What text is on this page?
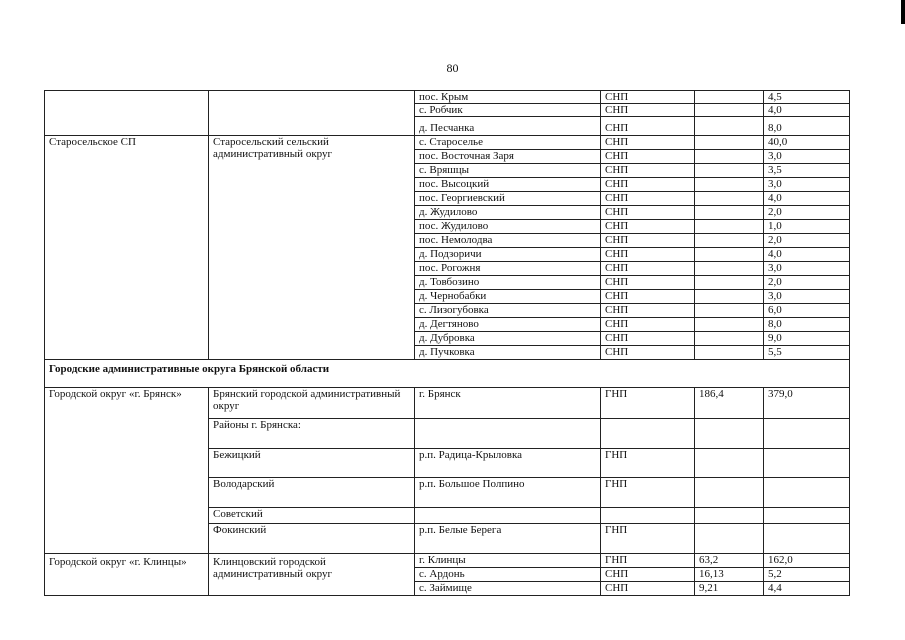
80
		пос. Крым	СНП		4,5
		с. Робчик	СНП		4,0
		д. Песчанка	СНП		8,0
Старосельское СП	Старосельский сельский административный округ	с. Староселье	СНП		40,0
		пос. Восточная Заря	СНП		3,0
		с. Вряшцы	СНП		3,5
		пос. Высоцкий	СНП		3,0
		пос. Георгиевский	СНП		4,0
		д. Жудилово	СНП		2,0
		пос. Жудилово	СНП		1,0
		пос. Немолодва	СНП		2,0
		д. Подзоричи	СНП		4,0
		пос. Рогожня	СНП		3,0
		д. Товбозино	СНП		2,0
		д. Чернобабки	СНП		3,0
		с. Лизогубовка	СНП		6,0
		д. Дегтяново	СНП		8,0
		д. Дубровка	СНП		9,0
		д. Пучковка	СНП		5,5
Городские административные округа Брянской области					
Городской округ «г. Брянск»	Брянский городской административный округ	г. Брянск	ГНП	186,4	379,0
	Районы г. Брянска:				
	Бежицкий	р.п. Радица-Крыловка	ГНП		
	Володарский	р.п. Большое Полпино	ГНП		
	Советский				
	Фокинский	р.п. Белые Берега	ГНП		
Городской округ «г. Клинцы»	Клинцовский городской административный округ	г. Клинцы	ГНП	63,2	162,0
		с. Ардонь	СНП	16,13	5,2
		с. Займище	СНП	9,21	4,4
